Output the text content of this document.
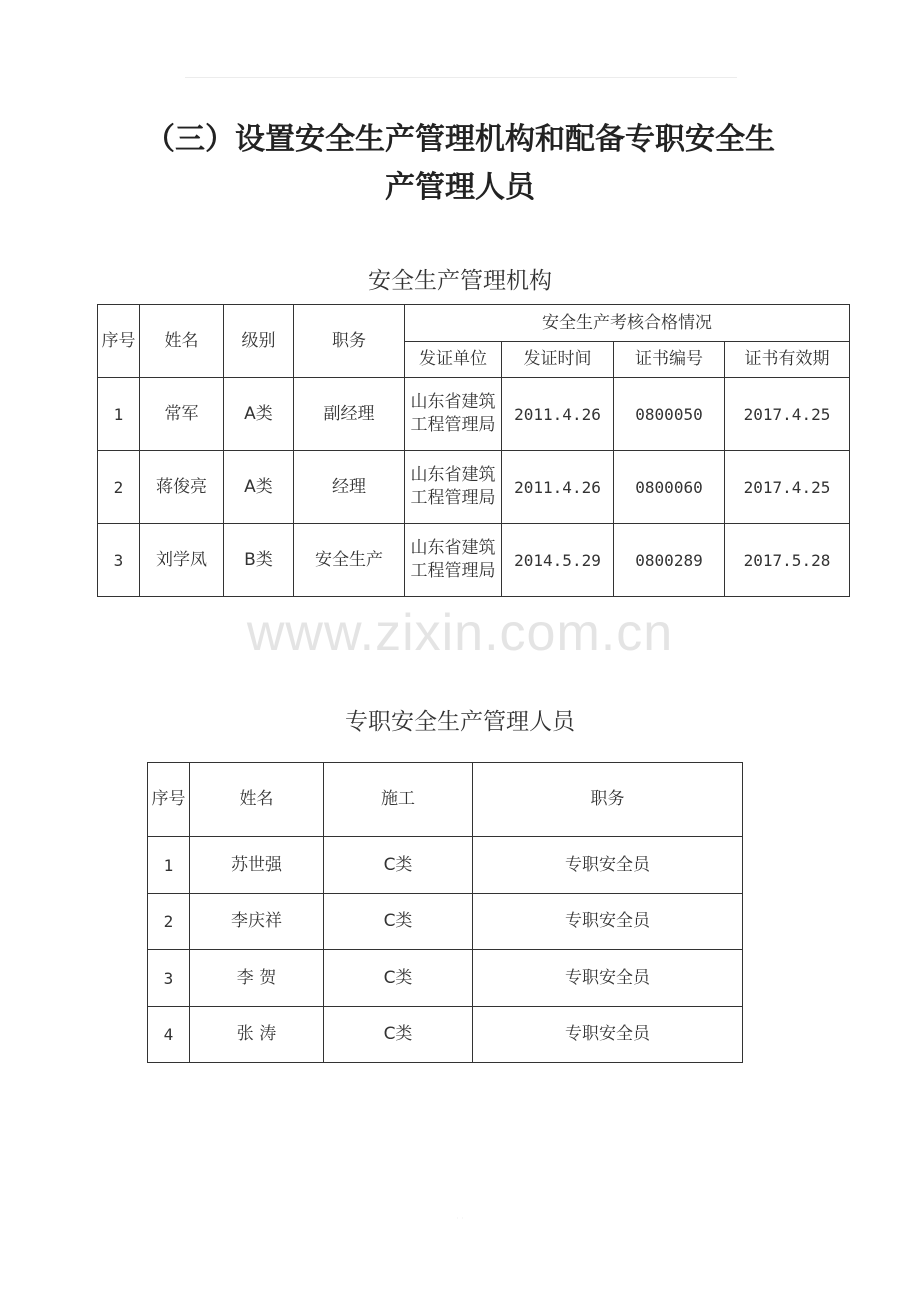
（三）设置安全生产管理机构和配备专职安全生
产管理人员
安全生产管理机构
序号	姓名	级别	职务	安全生产考核合格情况			
				发证单位	发证时间	证书编号	证书有效期
1	常军	A类	副经理	山东省建筑工程管理局	2011.4.26	0800050	2017.4.25
2	蒋俊亮	A类	经理	山东省建筑工程管理局	2011.4.26	0800060	2017.4.25
3	刘学凤	B类	安全生产	山东省建筑工程管理局	2014.5.29	0800289	2017.5.28
www.zixin.com.cn
专职安全生产管理人员
序号	姓名	施工	职务
1	苏世强	C类	专职安全员
2	李庆祥	C类	专职安全员
3	李 贺	C类	专职安全员
4	张 涛	C类	专职安全员
· ·
